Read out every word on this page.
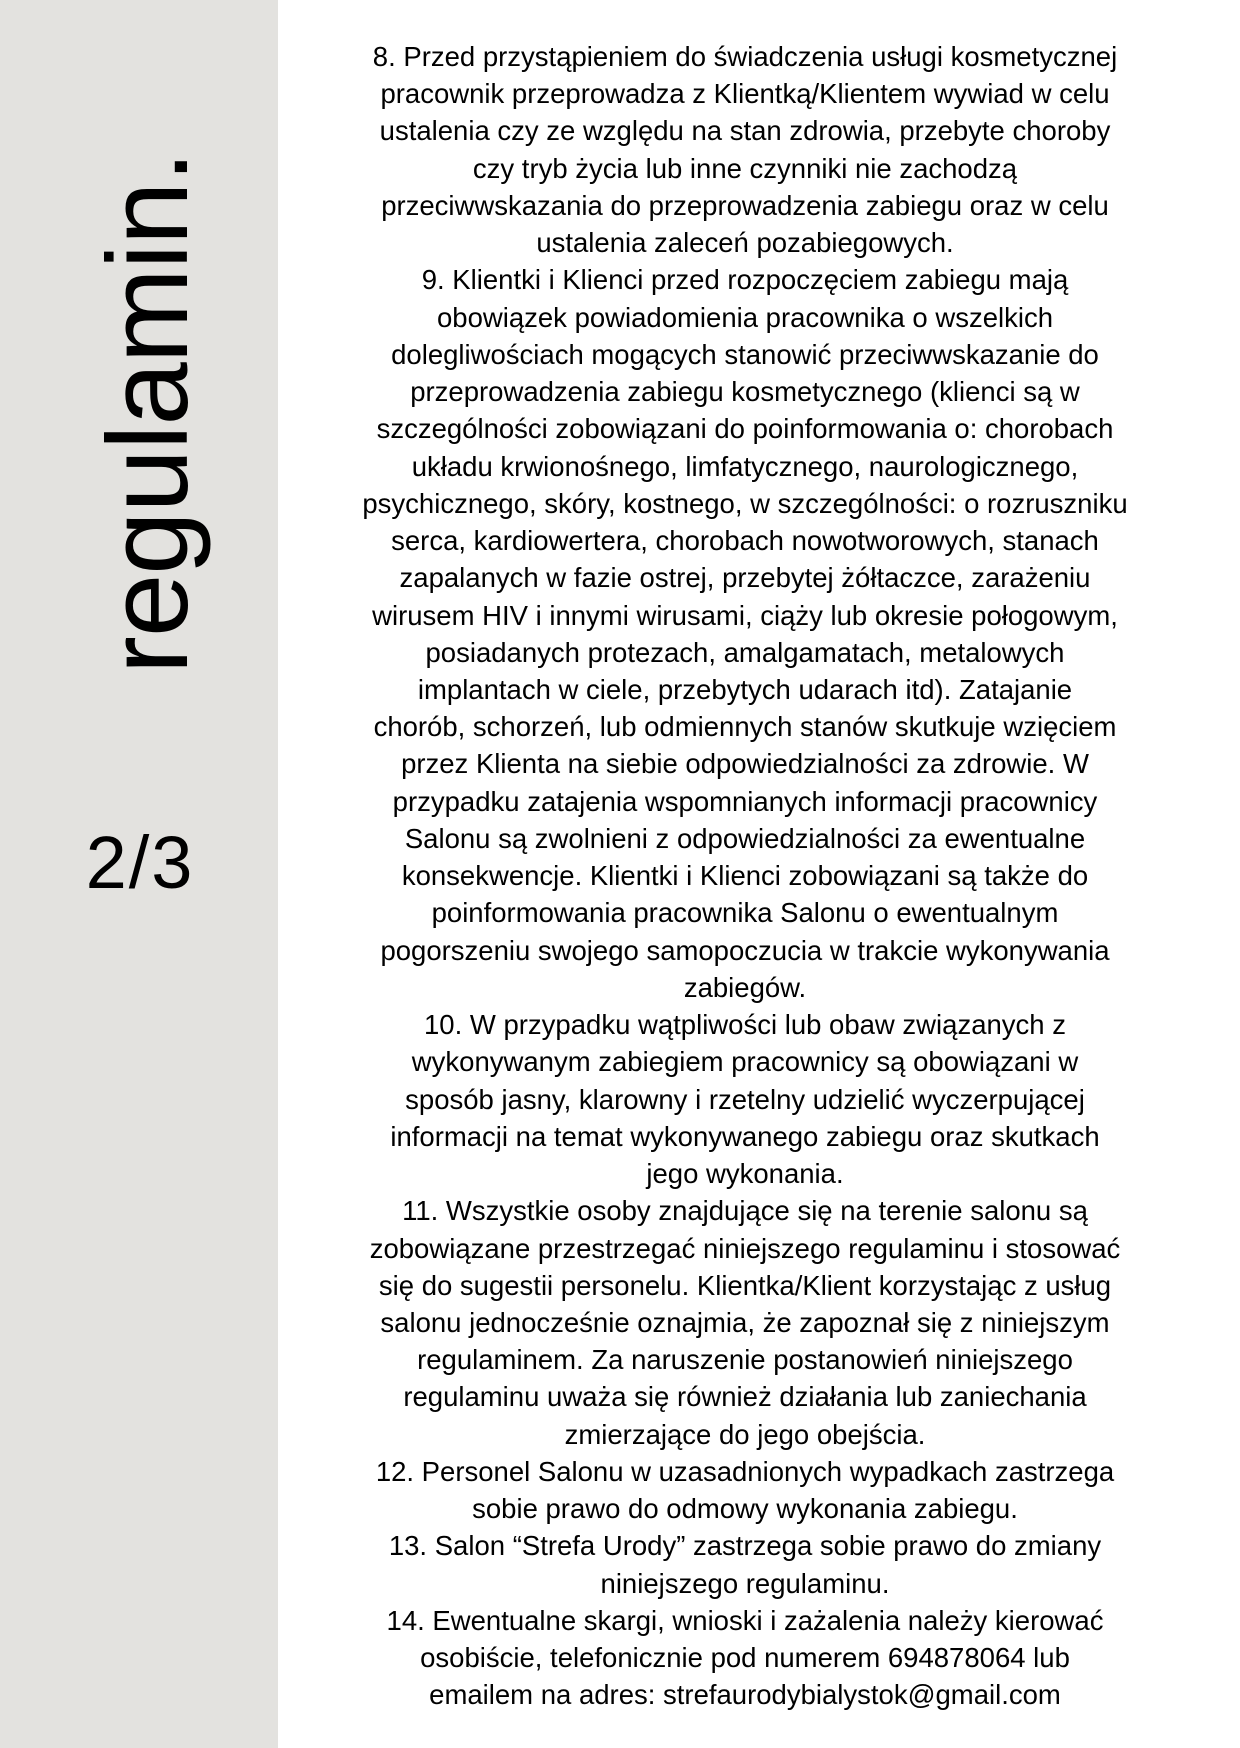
regulamin.
2/3
8. Przed przystąpieniem do świadczenia usługi kosmetycznej
pracownik przeprowadza z Klientką/Klientem wywiad w celu
ustalenia czy ze względu na stan zdrowia, przebyte choroby
czy tryb życia lub inne czynniki nie zachodzą
przeciwwskazania do przeprowadzenia zabiegu oraz w celu
ustalenia zaleceń pozabiegowych.
9. Klientki i Klienci przed rozpoczęciem zabiegu mają
obowiązek powiadomienia pracownika o wszelkich
dolegliwościach mogących stanowić przeciwwskazanie do
przeprowadzenia zabiegu kosmetycznego (klienci są w
szczególności zobowiązani do poinformowania o: chorobach
układu krwionośnego, limfatycznego, naurologicznego,
psychicznego, skóry, kostnego, w szczególności: o rozruszniku
serca, kardiowertera, chorobach nowotworowych, stanach
zapalanych w fazie ostrej, przebytej żółtaczce, zarażeniu
wirusem HIV i innymi wirusami, ciąży lub okresie połogowym,
posiadanych protezach, amalgamatach, metalowych
implantach w ciele, przebytych udarach itd). Zatajanie
chorób, schorzeń, lub odmiennych stanów skutkuje wzięciem
przez Klienta na siebie odpowiedzialności za zdrowie. W
przypadku zatajenia wspomnianych informacji pracownicy
Salonu są zwolnieni z odpowiedzialności za ewentualne
konsekwencje. Klientki i Klienci zobowiązani są także do
poinformowania pracownika Salonu o ewentualnym
pogorszeniu swojego samopoczucia w trakcie wykonywania
zabiegów.
10. W przypadku wątpliwości lub obaw związanych z
wykonywanym zabiegiem pracownicy są obowiązani w
sposób jasny, klarowny i rzetelny udzielić wyczerpującej
informacji na temat wykonywanego zabiegu oraz skutkach
jego wykonania.
11. Wszystkie osoby znajdujące się na terenie salonu są
zobowiązane przestrzegać niniejszego regulaminu i stosować
się do sugestii personelu. Klientka/Klient korzystając z usług
salonu jednocześnie oznajmia, że zapoznał się z niniejszym
regulaminem. Za naruszenie postanowień niniejszego
regulaminu uważa się również działania lub zaniechania
zmierzające do jego obejścia.
12. Personel Salonu w uzasadnionych wypadkach zastrzega
sobie prawo do odmowy wykonania zabiegu.
13. Salon “Strefa Urody” zastrzega sobie prawo do zmiany
niniejszego regulaminu.
14. Ewentualne skargi, wnioski i zażalenia należy kierować
osobiście, telefonicznie pod numerem 694878064 lub
emailem na adres: strefaurodybialystok@gmail.com
